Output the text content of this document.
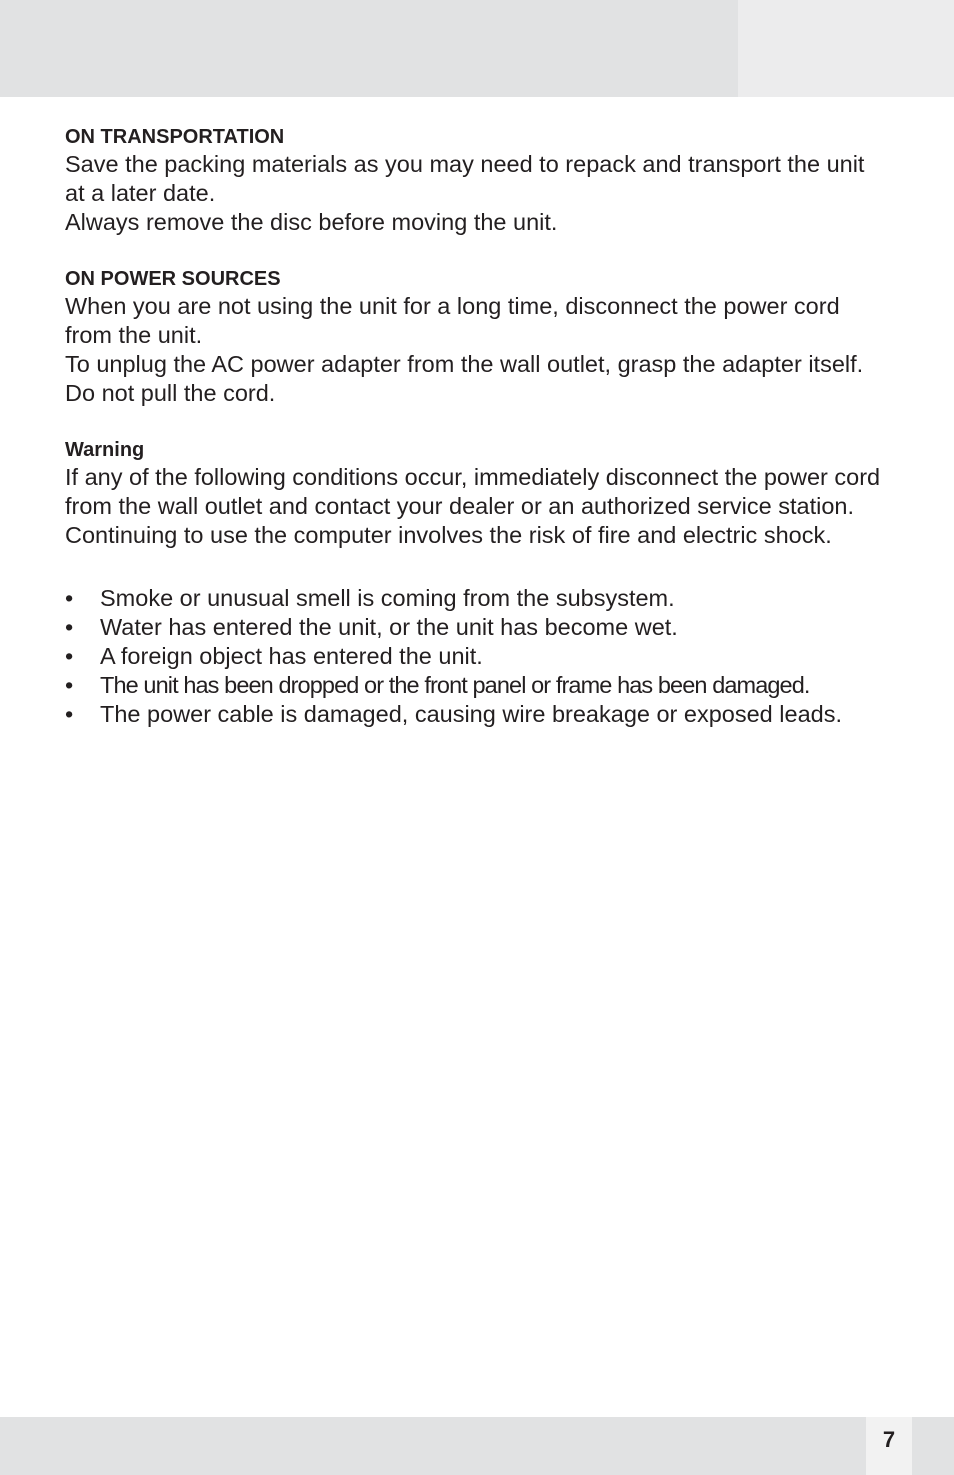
ON TRANSPORTATION

Save the packing materials as you may need to repack and transport the unit at a later date.

Always remove the disc before moving the unit.

ON POWER SOURCES

When you are not using the unit for a long time, disconnect the power cord from the unit.

To unplug the AC power adapter from the wall outlet, grasp the adapter itself. Do not pull the cord.

Warning

If any of the following conditions occur, immediately disconnect the power cord from the wall outlet and contact your dealer or an authorized service station. Continuing to use the computer involves the risk of fire and electric shock.

• Smoke or unusual smell is coming from the subsystem.
• Water has entered the unit, or the unit has become wet.
• A foreign object has entered the unit.
• The unit has been dropped or the front panel or frame has been damaged.
• The power cable is damaged, causing wire breakage or exposed leads.
7
